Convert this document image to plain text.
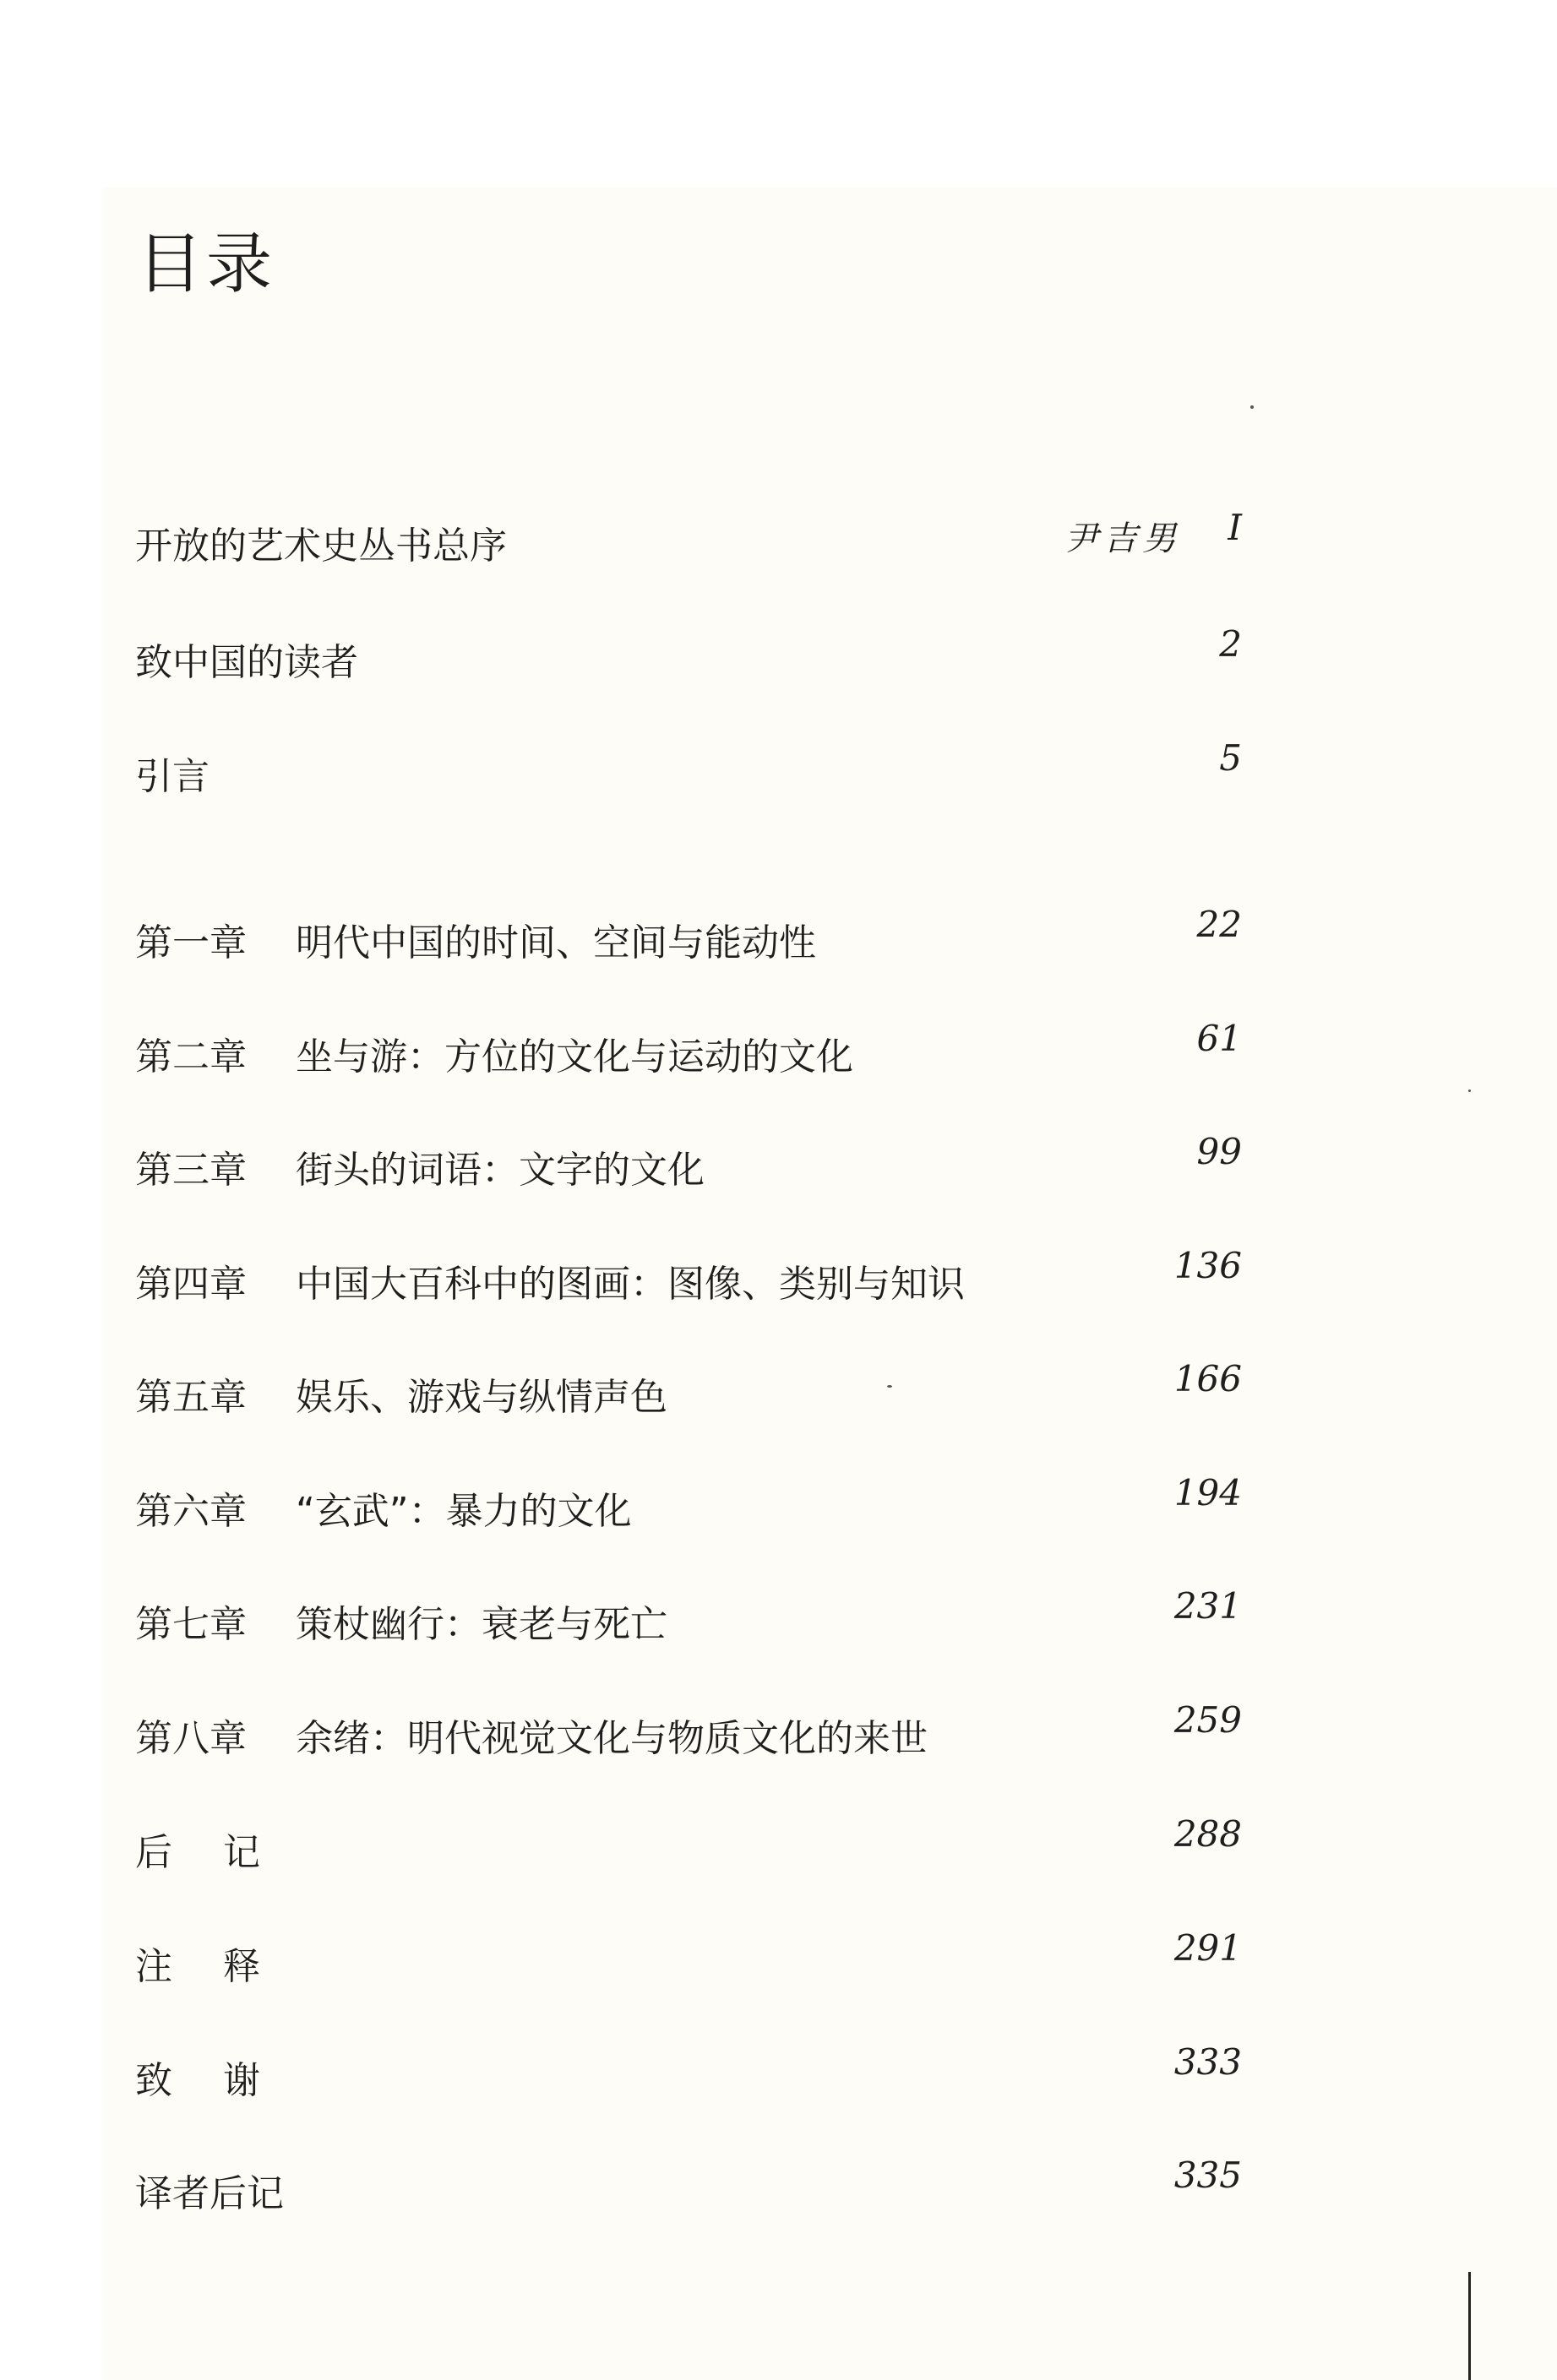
目录
开放的艺术史丛书总序	尹吉男 I
致中国的读者	2
引言	5
第一章 明代中国的时间、空间与能动性	22
第二章 坐与游：方位的文化与运动的文化	61
第三章 街头的词语：文字的文化	99
第四章 中国大百科中的图画：图像、类别与知识	136
第五章 娱乐、游戏与纵情声色	166
第六章 “玄武”：暴力的文化	194
第七章 策杖幽行：衰老与死亡	231
第八章 余绪：明代视觉文化与物质文化的来世	259
后记	288
注释	291
致谢	333
译者后记	335
